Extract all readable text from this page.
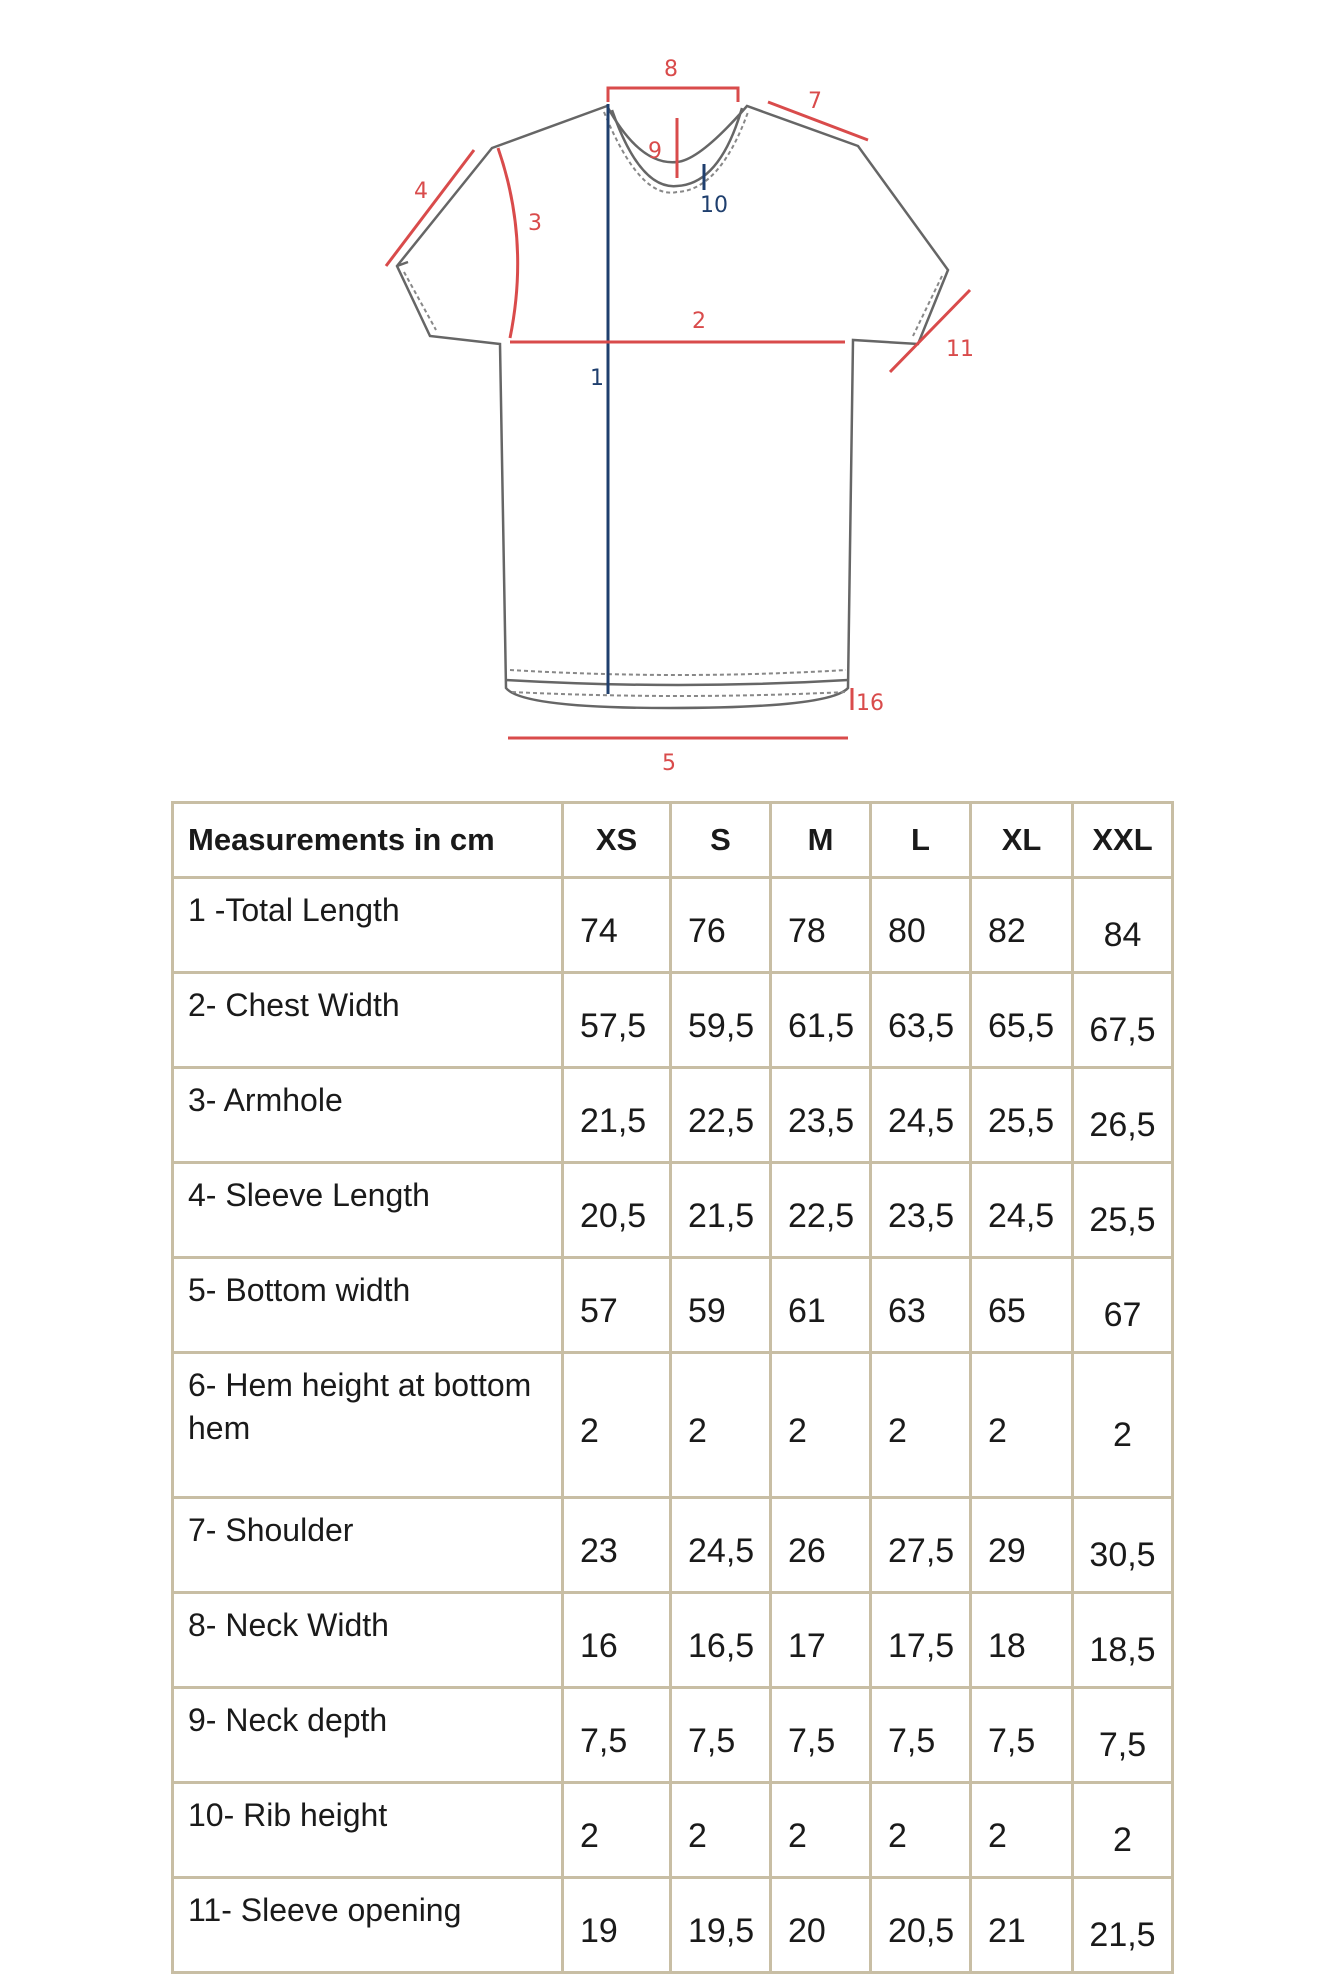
1
2
3
4
5
16
7
8
9
10
11
Measurements in cm	XS	S	M	L	XL	XXL
1 -Total Length	74	76	78	80	82	84
2- Chest Width	57,5	59,5	61,5	63,5	65,5	67,5
3- Armhole	21,5	22,5	23,5	24,5	25,5	26,5
4- Sleeve Length	20,5	21,5	22,5	23,5	24,5	25,5
5- Bottom width	57	59	61	63	65	67
6- Hem height at bottom hem	2	2	2	2	2	2
7- Shoulder	23	24,5	26	27,5	29	30,5
8- Neck Width	16	16,5	17	17,5	18	18,5
9- Neck depth	7,5	7,5	7,5	7,5	7,5	7,5
10- Rib height	2	2	2	2	2	2
11- Sleeve opening	19	19,5	20	20,5	21	21,5
